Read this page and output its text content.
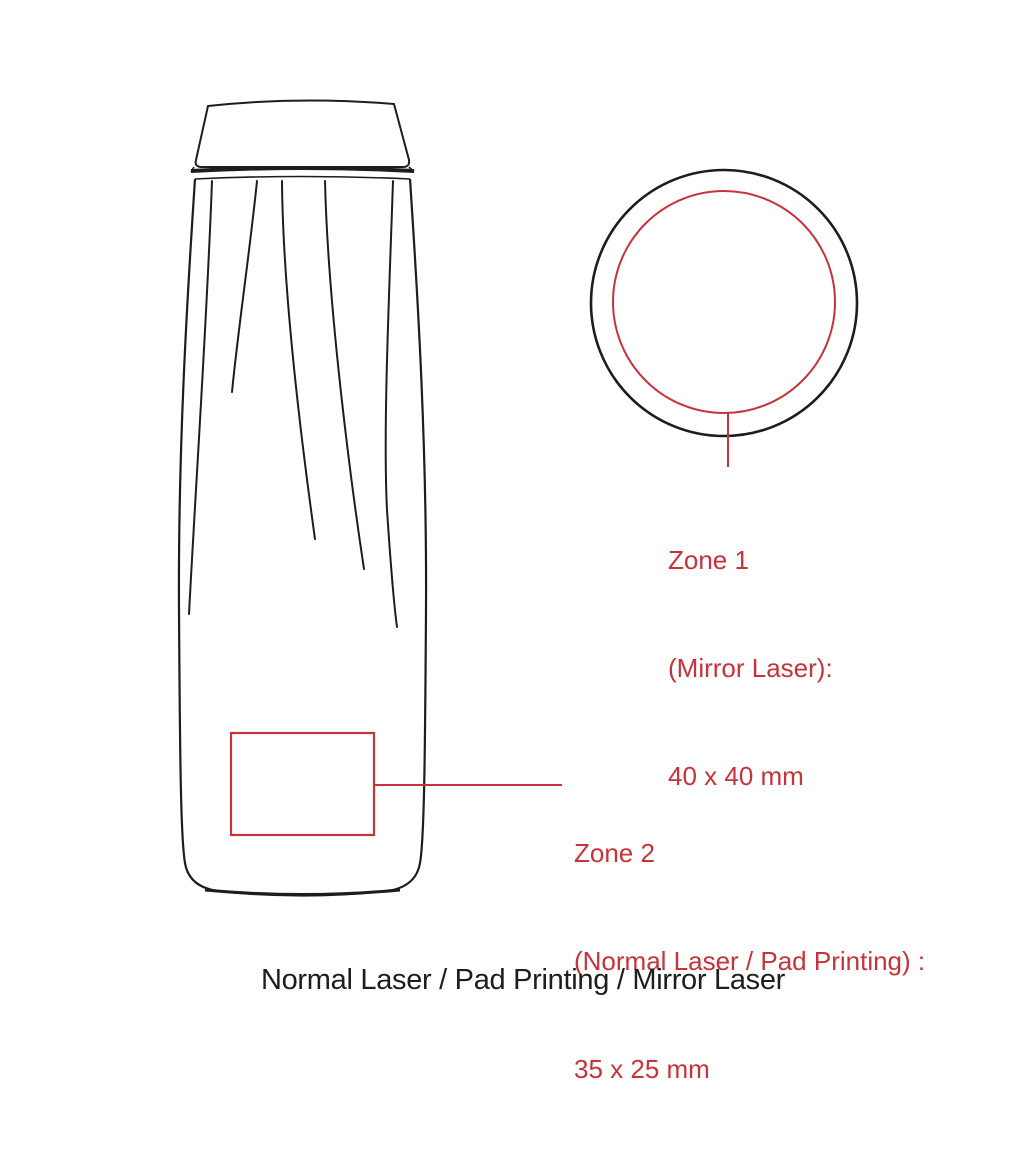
Zone 1

(Mirror Laser):

40 x 40 mm

Zone 2

(Normal Laser / Pad Printing) :

35 x 25 mm

Normal Laser / Pad Printing / Mirror Laser
